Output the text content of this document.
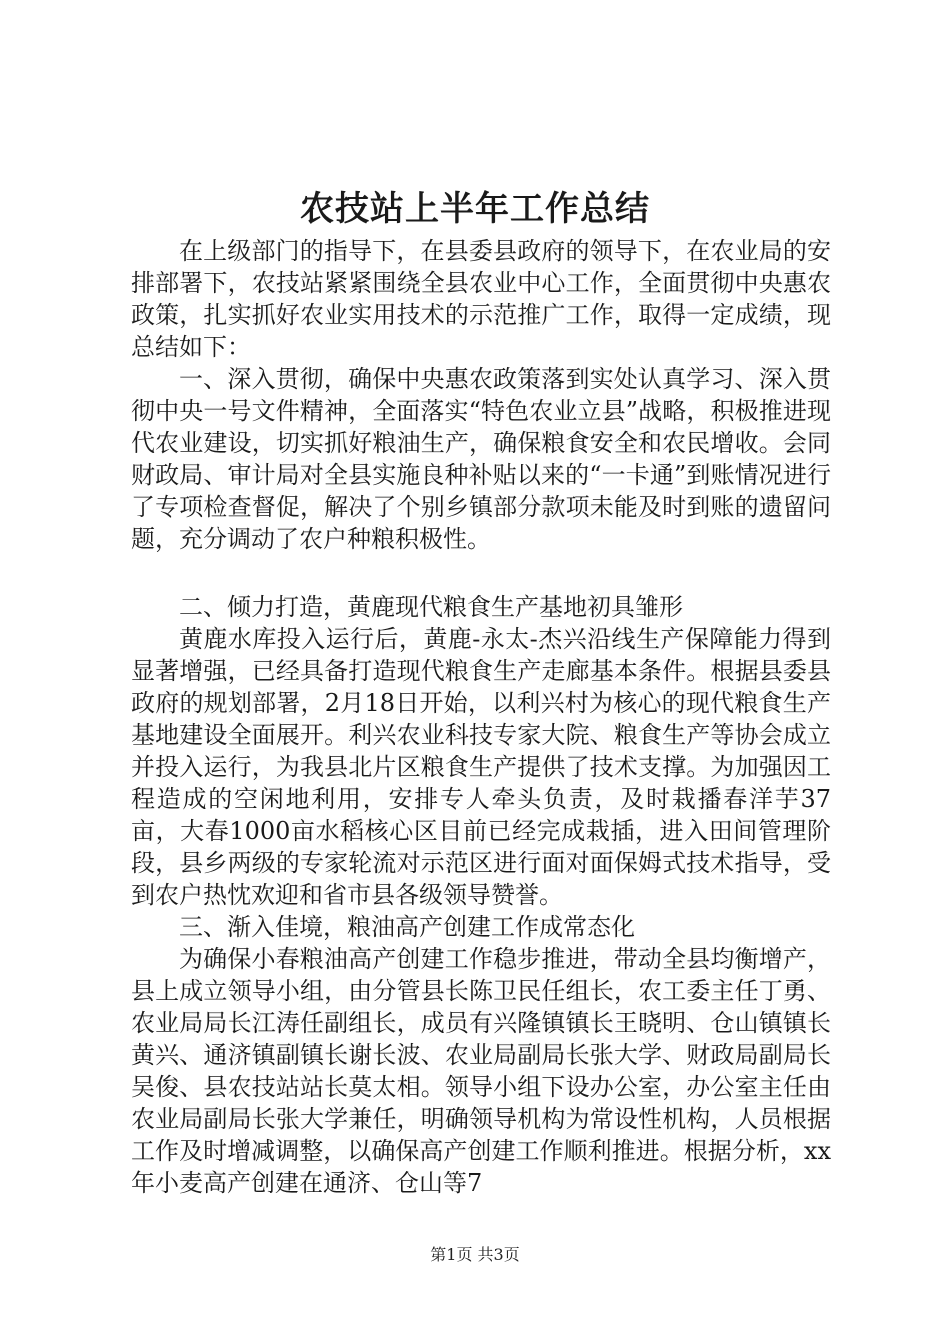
农技站上半年工作总结

在上级部门的指导下，在县委县政府的领导下，在农业局的安排部署下，农技站紧紧围绕全县农业中心工作，全面贯彻中央惠农政策，扎实抓好农业实用技术的示范推广工作，取得一定成绩，现总结如下：

一、深入贯彻，确保中央惠农政策落到实处认真学习、深入贯彻中央一号文件精神，全面落实“特色农业立县”战略，积极推进现代农业建设，切实抓好粮油生产，确保粮食安全和农民增收。会同财政局、审计局对全县实施良种补贴以来的“一卡通”到账情况进行了专项检查督促，解决了个别乡镇部分款项未能及时到账的遗留问题，充分调动了农户种粮积极性。

二、倾力打造，黄鹿现代粮食生产基地初具雏形

黄鹿水库投入运行后，黄鹿-永太-杰兴沿线生产保障能力得到显著增强，已经具备打造现代粮食生产走廊基本条件。根据县委县政府的规划部署，2月18日开始，以利兴村为核心的现代粮食生产基地建设全面展开。利兴农业科技专家大院、粮食生产等协会成立并投入运行，为我县北片区粮食生产提供了技术支撑。为加强因工程造成的空闲地利用，安排专人牵头负责，及时栽播春洋芋37亩，大春1000亩水稻核心区目前已经完成栽插，进入田间管理阶段，县乡两级的专家轮流对示范区进行面对面保姆式技术指导，受到农户热忱欢迎和省市县各级领导赞誉。

三、渐入佳境，粮油高产创建工作成常态化

为确保小春粮油高产创建工作稳步推进，带动全县均衡增产，县上成立领导小组，由分管县长陈卫民任组长，农工委主任丁勇、农业局局长江涛任副组长，成员有兴隆镇镇长王晓明、仓山镇镇长黄兴、通济镇副镇长谢长波、农业局副局长张大学、财政局副局长吴俊、县农技站站长莫太相。领导小组下设办公室，办公室主任由农业局副局长张大学兼任，明确领导机构为常设性机构，人员根据工作及时增减调整，以确保高产创建工作顺利推进。根据分析，xx年小麦高产创建在通济、仓山等7

第1页 共3页
